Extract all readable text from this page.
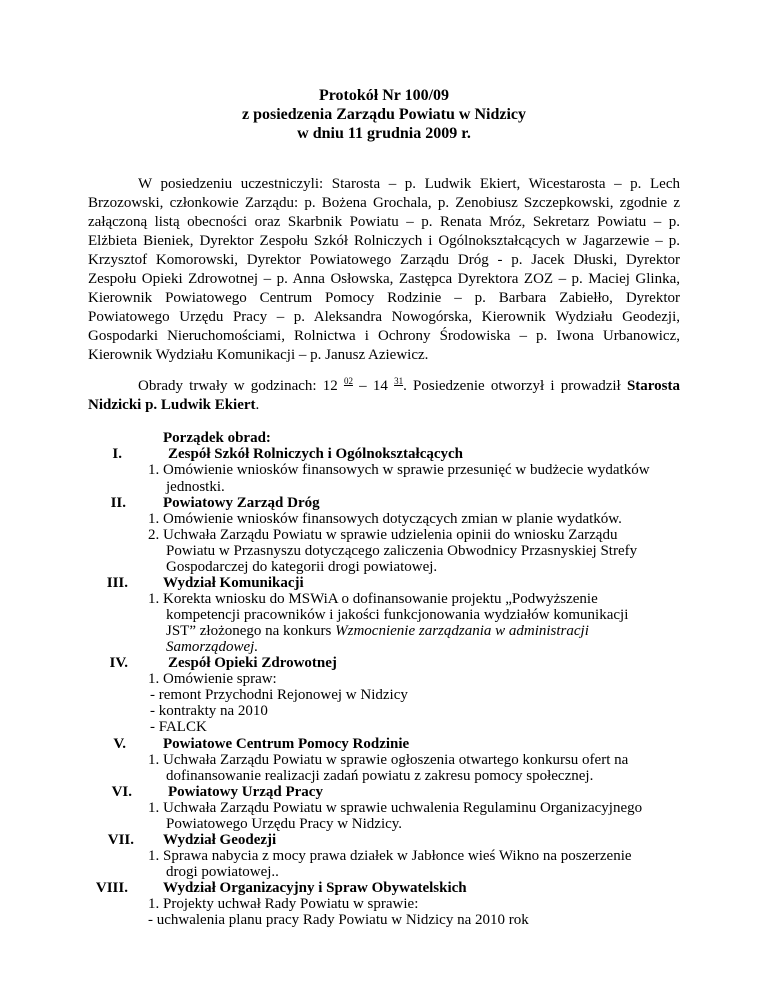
Protokół Nr 100/09
z posiedzenia Zarządu Powiatu w Nidzicy
w dniu 11 grudnia 2009 r.
W posiedzeniu uczestniczyli: Starosta – p. Ludwik Ekiert, Wicestarosta – p. Lech Brzozowski, członkowie Zarządu: p. Bożena Grochala, p. Zenobiusz Szczepkowski, zgodnie z załączoną listą obecności oraz Skarbnik Powiatu – p. Renata Mróz, Sekretarz Powiatu – p. Elżbieta Bieniek, Dyrektor Zespołu Szkół Rolniczych i Ogólnokształcących w Jagarzewie – p. Krzysztof Komorowski, Dyrektor Powiatowego Zarządu Dróg - p. Jacek Dłuski, Dyrektor Zespołu Opieki Zdrowotnej – p. Anna Osłowska, Zastępca Dyrektora ZOZ – p. Maciej Glinka, Kierownik Powiatowego Centrum Pomocy Rodzinie – p. Barbara Zabiełło, Dyrektor Powiatowego Urzędu Pracy – p. Aleksandra Nowogórska, Kierownik Wydziału Geodezji, Gospodarki Nieruchomościami, Rolnictwa i Ochrony Środowiska – p. Iwona Urbanowicz, Kierownik Wydziału Komunikacji – p. Janusz Aziewicz.
Obrady trwały w godzinach: 12 $^{02}$ – 14 $^{31}$. Posiedzenie otworzył i prowadził Starosta Nidzicki p. Ludwik Ekiert.
Porządek obrad:
I.	Zespół Szkół Rolniczych i Ogólnokształcących
1. Omówienie wniosków finansowych w sprawie przesunięć w budżecie wydatków
jednostki.
II. Powiatowy Zarząd Dróg
1. Omówienie wniosków finansowych dotyczących zmian w planie wydatków.
2. Uchwała Zarządu Powiatu w sprawie udzielenia opinii do wniosku Zarządu
Powiatu w Przasnyszu dotyczącego zaliczenia Obwodnicy Przasnyskiej Strefy
Gospodarczej do kategorii drogi powiatowej.
III. Wydział Komunikacji
1. Korekta wniosku do MSWiA o dofinansowanie projektu „Podwyższenie
kompetencji pracowników i jakości funkcjonowania wydziałów komunikacji
JST” złożonego na konkurs Wzmocnienie zarządzania w administracji
Samorządowej.
IV.	Zespół Opieki Zdrowotnej
1. Omówienie spraw:
- remont Przychodni Rejonowej w Nidzicy
- kontrakty na 2010
- FALCK
V. Powiatowe Centrum Pomocy Rodzinie
1. Uchwała Zarządu Powiatu w sprawie ogłoszenia otwartego konkursu ofert na
dofinansowanie realizacji zadań powiatu z zakresu pomocy społecznej.
VI. Powiatowy Urząd Pracy
1. Uchwała Zarządu Powiatu w sprawie uchwalenia Regulaminu Organizacyjnego
Powiatowego Urzędu Pracy w Nidzicy.
VII. Wydział Geodezji
1. Sprawa nabycia z mocy prawa działek w Jabłonce wieś Wikno na poszerzenie
drogi powiatowej..
VIII. Wydział Organizacyjny i Spraw Obywatelskich
1. Projekty uchwał Rady Powiatu w sprawie:
- uchwalenia planu pracy Rady Powiatu w Nidzicy na 2010 rok
